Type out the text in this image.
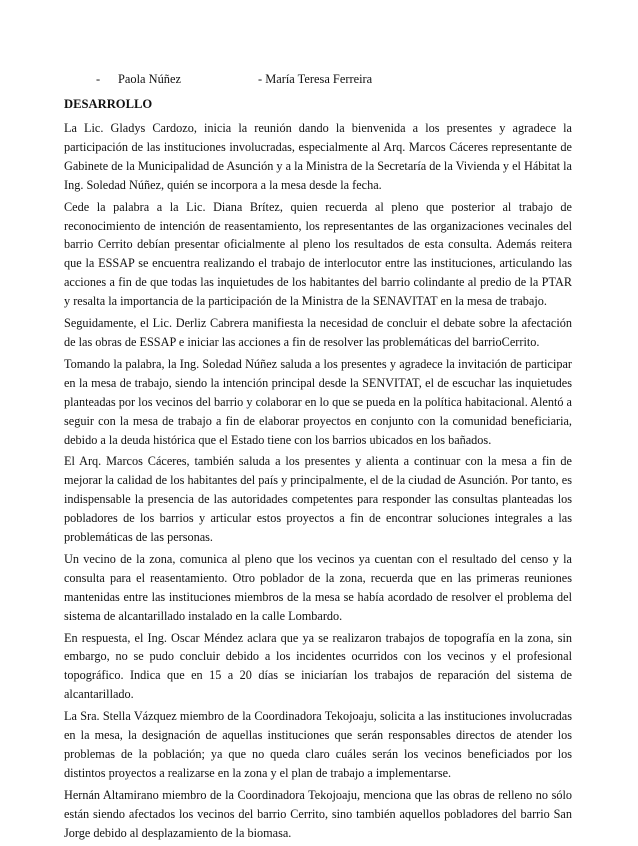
- Paola Núñez	- María Teresa Ferreira
DESARROLLO

La Lic. Gladys Cardozo, inicia la reunión dando la bienvenida a los presentes y agradece la participación de las instituciones involucradas, especialmente al Arq. Marcos Cáceres representante de Gabinete de la Municipalidad de Asunción y a la Ministra de la Secretaría de la Vivienda y el Hábitat la Ing. Soledad Núñez, quién se incorpora a la mesa desde la fecha.

Cede la palabra a la Lic. Diana Brítez, quien recuerda al pleno que posterior al trabajo de reconocimiento de intención de reasentamiento, los representantes de las organizaciones vecinales del barrio Cerrito debían presentar oficialmente al pleno los resultados de esta consulta. Además reitera que la ESSAP se encuentra realizando el trabajo de interlocutor entre las instituciones, articulando las acciones a fin de que todas las inquietudes de los habitantes del barrio colindante al predio de la PTAR y resalta la importancia de la participación de la Ministra de la SENAVITAT en la mesa de trabajo.

Seguidamente, el Lic. Derliz Cabrera manifiesta la necesidad de concluir el debate sobre la afectación de las obras de ESSAP e iniciar las acciones a fin de resolver las problemáticas del barrioCerrito.

Tomando la palabra, la Ing. Soledad Núñez saluda a los presentes y agradece la invitación de participar en la mesa de trabajo, siendo la intención principal desde la SENVITAT, el de escuchar las inquietudes planteadas por los vecinos del barrio y colaborar en lo que se pueda en la política habitacional. Alentó a seguir con la mesa de trabajo a fin de elaborar proyectos en conjunto con la comunidad beneficiaria, debido a la deuda histórica que el Estado tiene con los barrios ubicados en los bañados.

El Arq. Marcos Cáceres, también saluda a los presentes y alienta a continuar con la mesa a fin de mejorar la calidad de los habitantes del país y principalmente, el de la ciudad de Asunción. Por tanto, es indispensable la presencia de las autoridades competentes para responder las consultas planteadas los pobladores de los barrios y articular estos proyectos a fin de encontrar soluciones integrales a las problemáticas de las personas.

Un vecino de la zona, comunica al pleno que los vecinos ya cuentan con el resultado del censo y la consulta para el reasentamiento. Otro poblador de la zona, recuerda que en las primeras reuniones mantenidas entre las instituciones miembros de la mesa se había acordado de resolver el problema del sistema de alcantarillado instalado en la calle Lombardo.

En respuesta, el Ing. Oscar Méndez aclara que ya se realizaron trabajos de topografía en la zona, sin embargo, no se pudo concluir debido a los incidentes ocurridos con los vecinos y el profesional topográfico. Indica que en 15 a 20 días se iniciarían los trabajos de reparación del sistema de alcantarillado.

La Sra. Stella Vázquez miembro de la Coordinadora Tekojoaju, solicita a las instituciones involucradas en la mesa, la designación de aquellas instituciones que serán responsables directos de atender los problemas de la población; ya que no queda claro cuáles serán los vecinos beneficiados por los distintos proyectos a realizarse en la zona y el plan de trabajo a implementarse.

Hernán Altamirano miembro de la Coordinadora Tekojoaju, menciona que las obras de relleno no sólo están siendo afectados los vecinos del barrio Cerrito, sino también aquellos pobladores del barrio San Jorge debido al desplazamiento de la biomasa.
